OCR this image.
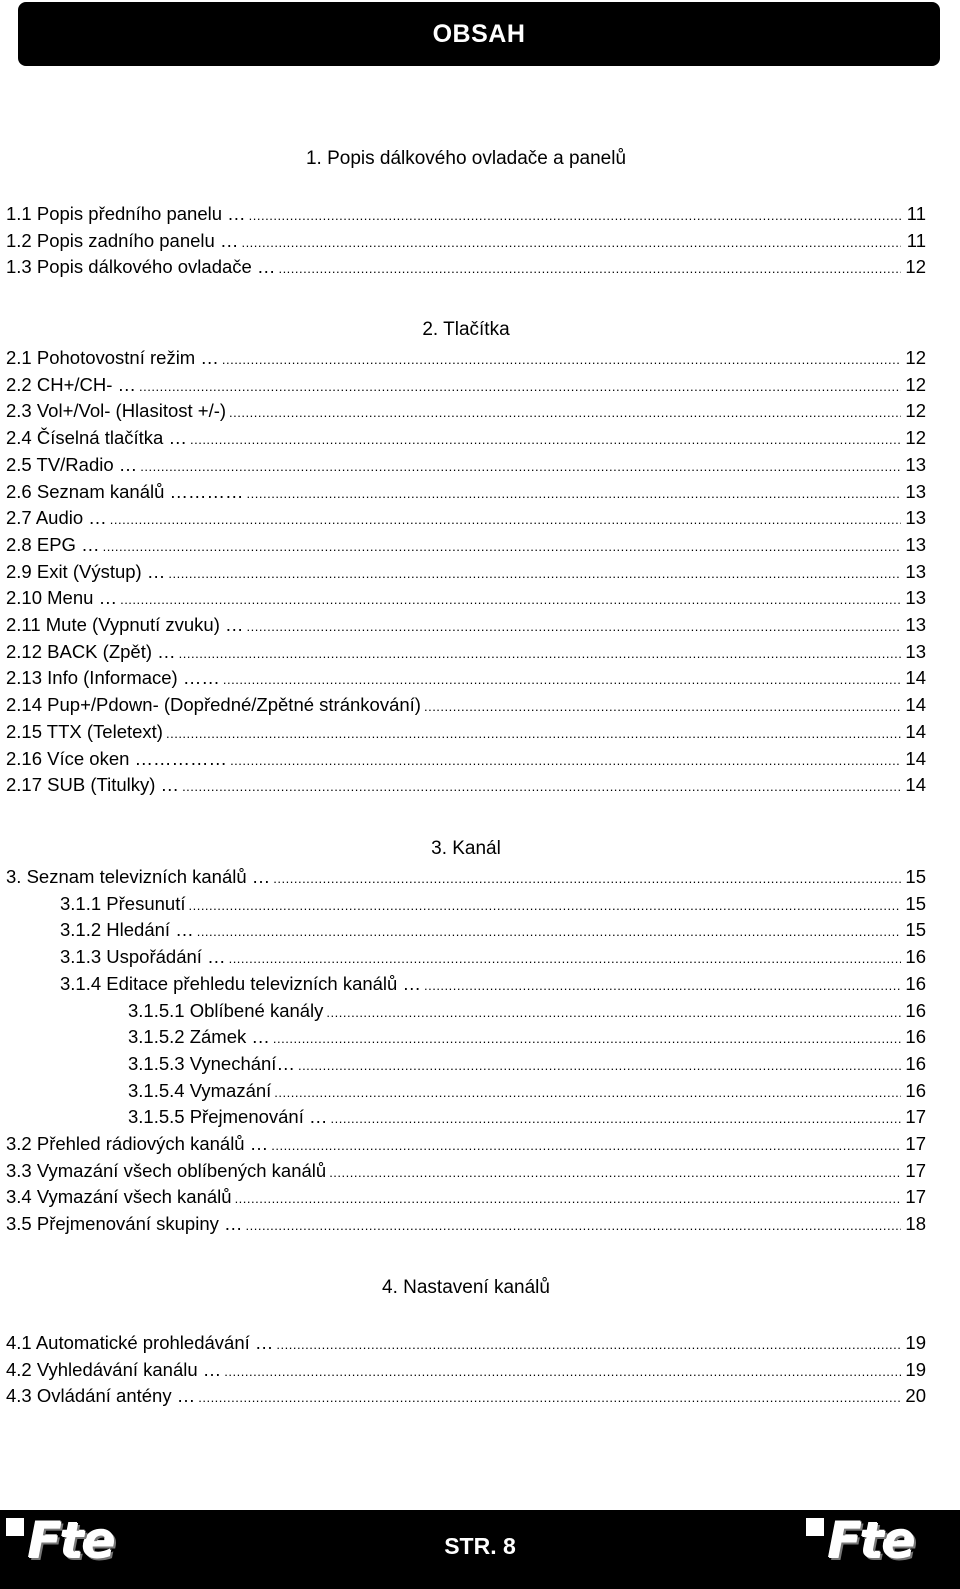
OBSAH
1. Popis dálkového ovladače a panelů
1.1 Popis předního panelu … .....	11
1.2 Popis zadního panelu … .....	11
1.3 Popis dálkového ovladače … .....	12
2. Tlačítka
2.1 Pohotovostní režim … .....	12
2.2 CH+/CH- … .....	12
2.3 Vol+/Vol- (Hlasitost +/-) .....	12
2.4 Číselná tlačítka … .....	12
2.5 TV/Radio … .....	13
2.6 Seznam kanálů ………… .....	13
2.7 Audio … .....	13
2.8 EPG … .....	13
2.9 Exit (Výstup) … .....	13
2.10 Menu … .....	13
2.11 Mute (Vypnutí zvuku) … .....	13
2.12 BACK (Zpět) … .....	13
2.13 Info (Informace) …… .....	14
2.14 Pup+/Pdown- (Dopředné/Zpětné stránkování) .....	14
2.15 TTX (Teletext) .....	14
2.16 Více oken …………… .....	14
2.17 SUB (Titulky) … .....	14
3. Kanál
3. Seznam televizních kanálů … .....	15
3.1.1 Přesunutí .....	15
3.1.2 Hledání … .....	15
3.1.3 Uspořádání … .....	16
3.1.4 Editace přehledu televizních kanálů … .....	16
3.1.5.1 Oblíbené kanály .....	16
3.1.5.2 Zámek … .....	16
3.1.5.3 Vynechání… .....	16
3.1.5.4 Vymazání .....	16
3.1.5.5 Přejmenování … .....	17
3.2 Přehled rádiových kanálů … .....	17
3.3 Vymazání všech oblíbených kanálů .....	17
3.4 Vymazání všech kanálů .....	17
3.5 Přejmenování skupiny … .....	18
4. Nastavení kanálů
4.1 Automatické prohledávání … .....	19
4.2 Vyhledávání kanálu … .....	19
4.3 Ovládání antény … .....	20
Fte	Fte
STR. 8
